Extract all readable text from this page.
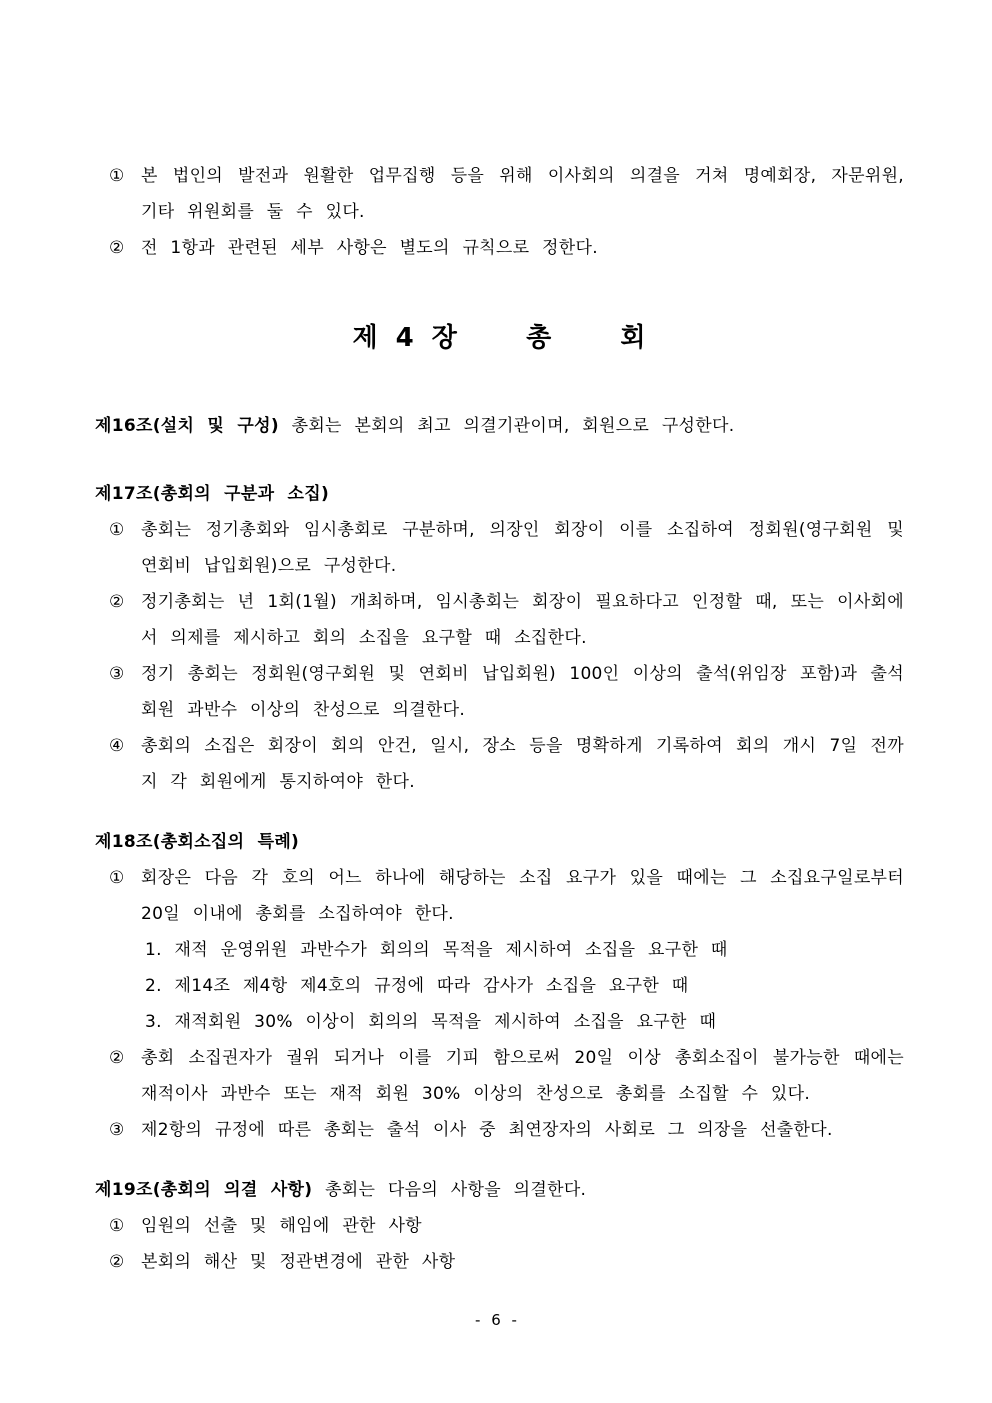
① 본 법인의 발전과 원활한 업무집행 등을 위해 이사회의 의결을 거쳐 명예회장, 자문위원, 기타 위원회를 둘 수 있다.
② 전 1항과 관련된 세부 사항은 별도의 규칙으로 정한다.
제 4 장    총    회

제16조(설치 및 구성) 총회는 본회의 최고 의결기관이며, 회원으로 구성한다.

제17조(총회의 구분과 소집)

① 총회는 정기총회와 임시총회로 구분하며, 의장인 회장이 이를 소집하여 정회원(영구회원 및 연회비 납입회원)으로 구성한다.
② 정기총회는 년 1회(1월) 개최하며, 임시총회는 회장이 필요하다고 인정할 때, 또는 이사회에서 의제를 제시하고 회의 소집을 요구할 때 소집한다.
③ 정기 총회는 정회원(영구회원 및 연회비 납입회원) 100인 이상의 출석(위임장 포함)과 출석회원 과반수 이상의 찬성으로 의결한다.
④ 총회의 소집은 회장이 회의 안건, 일시, 장소 등을 명확하게 기록하여 회의 개시 7일 전까지 각 회원에게 통지하여야 한다.

제18조(총회소집의 특례)

① 회장은 다음 각 호의 어느 하나에 해당하는 소집 요구가 있을 때에는 그 소집요구일로부터 20일 이내에 총회를 소집하여야 한다.
1. 재적 운영위원 과반수가 회의의 목적을 제시하여 소집을 요구한 때
2. 제14조 제4항 제4호의 규정에 따라 감사가 소집을 요구한 때
3. 재적회원 30% 이상이 회의의 목적을 제시하여 소집을 요구한 때
② 총회 소집권자가 궐위 되거나 이를 기피 함으로써 20일 이상 총회소집이 불가능한 때에는 재적이사 과반수 또는 재적 회원 30% 이상의 찬성으로 총회를 소집할 수 있다.
③ 제2항의 규정에 따른 총회는 출석 이사 중 최연장자의 사회로 그 의장을 선출한다.

제19조(총회의 의결 사항) 총회는 다음의 사항을 의결한다.

① 임원의 선출 및 해임에 관한 사항
② 본회의 해산 및 정관변경에 관한 사항
- 6 -
